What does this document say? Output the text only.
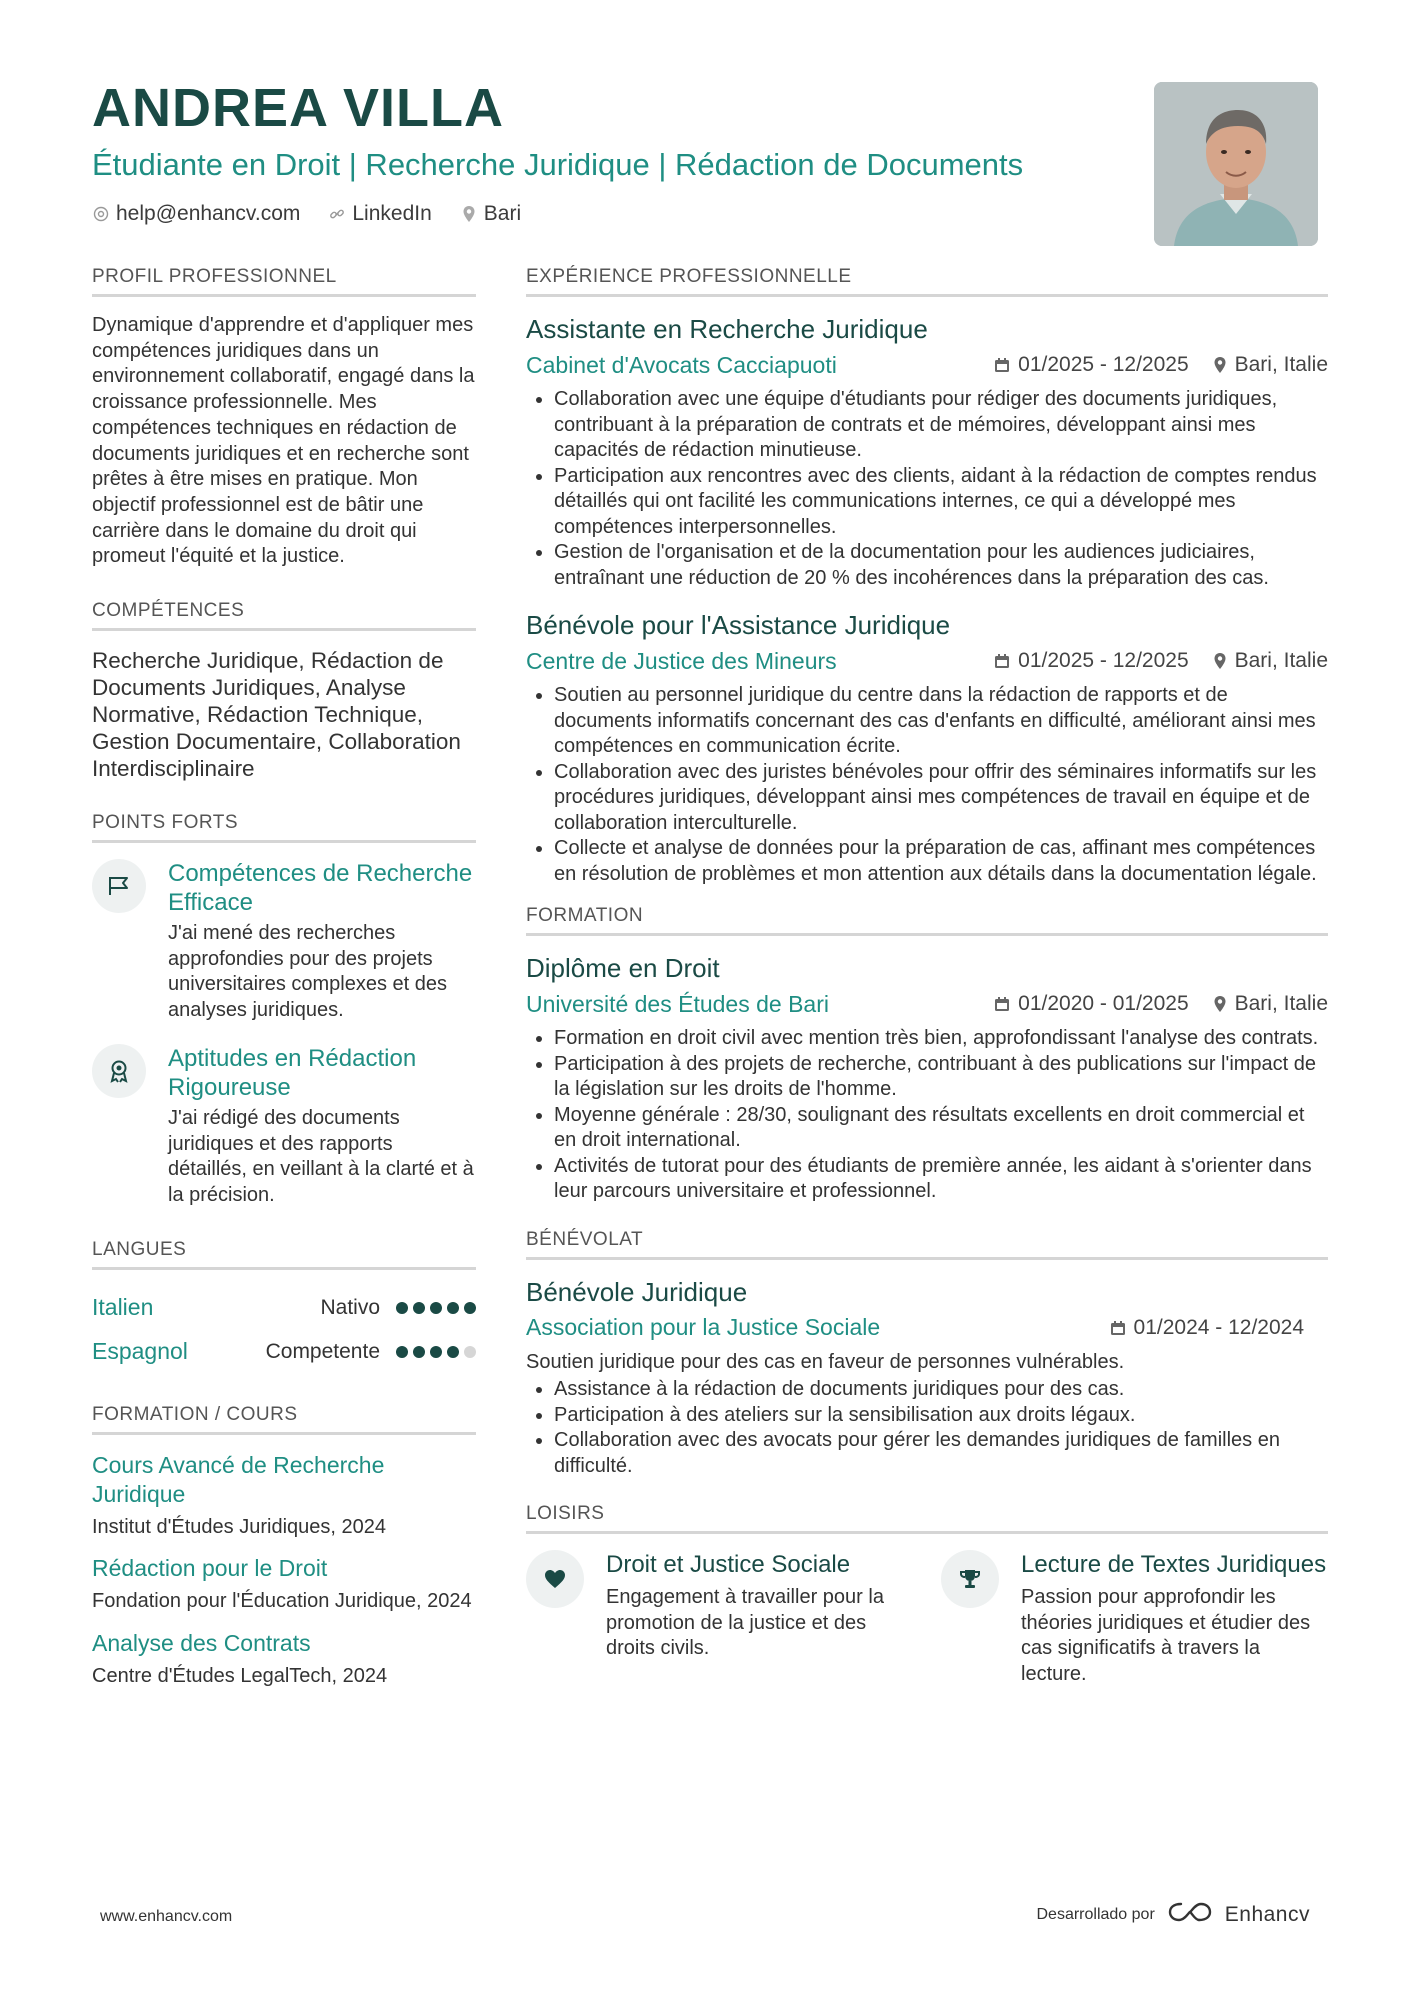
ANDREA VILLA
Étudiante en Droit | Recherche Juridique | Rédaction de Documents
help@enhancv.com LinkedIn Bari
PROFIL PROFESSIONNEL
Dynamique d'apprendre et d'appliquer mes compétences juridiques dans un environnement collaboratif, engagé dans la croissance professionnelle. Mes compétences techniques en rédaction de documents juridiques et en recherche sont prêtes à être mises en pratique. Mon objectif professionnel est de bâtir une carrière dans le domaine du droit qui promeut l'équité et la justice.
COMPÉTENCES
Recherche Juridique, Rédaction de Documents Juridiques, Analyse Normative, Rédaction Technique, Gestion Documentaire, Collaboration Interdisciplinaire
POINTS FORTS
Compétences de Recherche Efficace
J'ai mené des recherches approfondies pour des projets universitaires complexes et des analyses juridiques.
Aptitudes en Rédaction Rigoureuse
J'ai rédigé des documents juridiques et des rapports détaillés, en veillant à la clarté et à la précision.
LANGUES
Italien	Nativo
Espagnol	Competente
FORMATION / COURS
Cours Avancé de Recherche Juridique
Institut d'Études Juridiques, 2024
Rédaction pour le Droit
Fondation pour l'Éducation Juridique, 2024
Analyse des Contrats
Centre d'Études LegalTech, 2024
EXPÉRIENCE PROFESSIONNELLE
Assistante en Recherche Juridique
Cabinet d'Avocats Cacciapuoti	01/2025 - 12/2025 Bari, Italie
• Collaboration avec une équipe d'étudiants pour rédiger des documents juridiques, contribuant à la préparation de contrats et de mémoires, développant ainsi mes capacités de rédaction minutieuse.
• Participation aux rencontres avec des clients, aidant à la rédaction de comptes rendus détaillés qui ont facilité les communications internes, ce qui a développé mes compétences interpersonnelles.
• Gestion de l'organisation et de la documentation pour les audiences judiciaires, entraînant une réduction de 20 % des incohérences dans la préparation des cas.
Bénévole pour l'Assistance Juridique
Centre de Justice des Mineurs	01/2025 - 12/2025 Bari, Italie
• Soutien au personnel juridique du centre dans la rédaction de rapports et de documents informatifs concernant des cas d'enfants en difficulté, améliorant ainsi mes compétences en communication écrite.
• Collaboration avec des juristes bénévoles pour offrir des séminaires informatifs sur les procédures juridiques, développant ainsi mes compétences de travail en équipe et de collaboration interculturelle.
• Collecte et analyse de données pour la préparation de cas, affinant mes compétences en résolution de problèmes et mon attention aux détails dans la documentation légale.
FORMATION
Diplôme en Droit
Université des Études de Bari	01/2020 - 01/2025 Bari, Italie
• Formation en droit civil avec mention très bien, approfondissant l'analyse des contrats.
• Participation à des projets de recherche, contribuant à des publications sur l'impact de la législation sur les droits de l'homme.
• Moyenne générale : 28/30, soulignant des résultats excellents en droit commercial et en droit international.
• Activités de tutorat pour des étudiants de première année, les aidant à s'orienter dans leur parcours universitaire et professionnel.
BÉNÉVOLAT
Bénévole Juridique
Association pour la Justice Sociale	01/2024 - 12/2024
Soutien juridique pour des cas en faveur de personnes vulnérables.
• Assistance à la rédaction de documents juridiques pour des cas.
• Participation à des ateliers sur la sensibilisation aux droits légaux.
• Collaboration avec des avocats pour gérer les demandes juridiques de familles en difficulté.
LOISIRS
Droit et Justice Sociale
Engagement à travailler pour la promotion de la justice et des droits civils.
Lecture de Textes Juridiques
Passion pour approfondir les théories juridiques et étudier des cas significatifs à travers la lecture.
www.enhancv.com	Desarrollado por	Enhancv
